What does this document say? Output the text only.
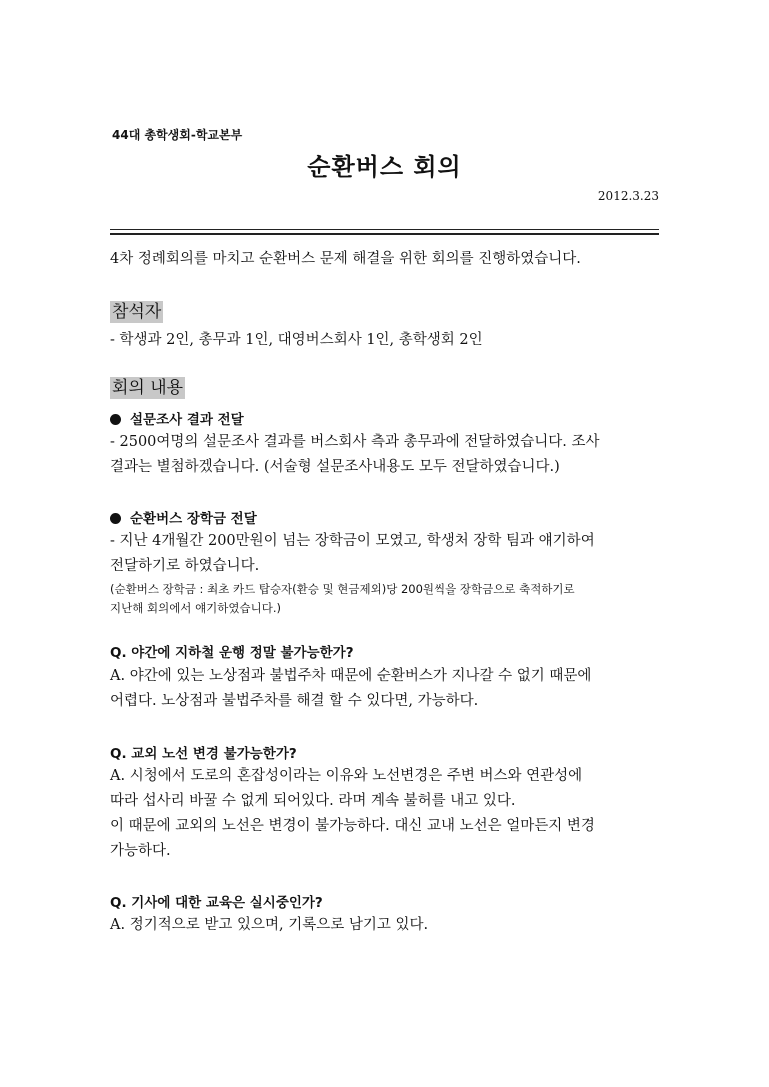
44대 총학생회-학교본부
순환버스 회의
2012.3.23
4차 정례회의를 마치고 순환버스 문제 해결을 위한 회의를 진행하였습니다.
참석자
- 학생과 2인, 총무과 1인, 대영버스회사 1인, 총학생회 2인
회의 내용
설문조사 결과 전달
- 2500여명의 설문조사 결과를 버스회사 측과 총무과에 전달하였습니다. 조사
결과는 별첨하겠습니다. (서술형 설문조사내용도 모두 전달하였습니다.)
순환버스 장학금 전달
- 지난 4개월간 200만원이 넘는 장학금이 모였고, 학생처 장학 팀과 얘기하여
전달하기로 하였습니다.
(순환버스 장학금 : 최초 카드 탑승자(환승 및 현금제외)당 200원씩을 장학금으로 축적하기로
지난해 회의에서 얘기하였습니다.)
Q. 야간에 지하철 운행 정말 불가능한가?
A. 야간에 있는 노상점과 불법주차 때문에 순환버스가 지나갈 수 없기 때문에
어렵다. 노상점과 불법주차를 해결 할 수 있다면, 가능하다.
Q. 교외 노선 변경 불가능한가?
A. 시청에서 도로의 혼잡성이라는 이유와 노선변경은 주변 버스와 연관성에
따라 섭사리 바꿀 수 없게 되어있다. 라며 계속 불허를 내고 있다.
이 때문에 교외의 노선은 변경이 불가능하다. 대신 교내 노선은 얼마든지 변경
가능하다.
Q. 기사에 대한 교육은 실시중인가?
A. 정기적으로 받고 있으며, 기록으로 남기고 있다.
